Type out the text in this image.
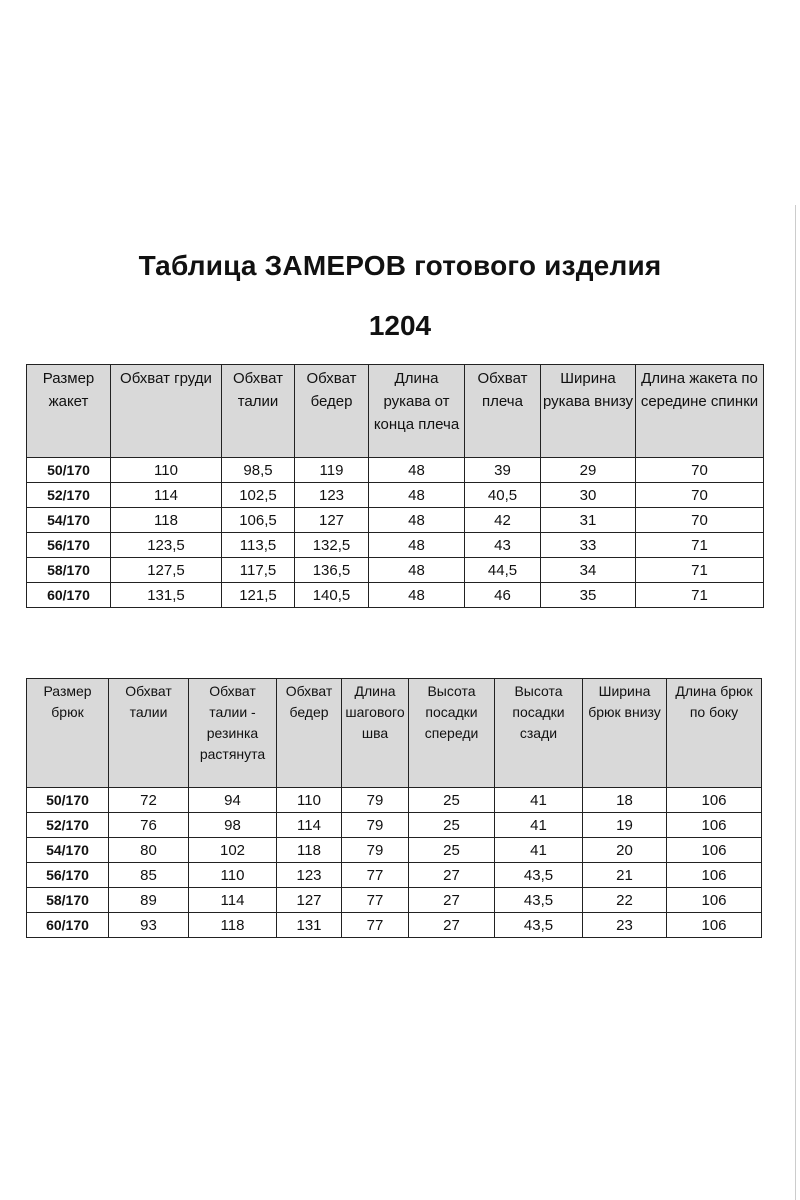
Таблица ЗАМЕРОВ готового изделия
1204
Размер жакет	Обхват груди	Обхват талии	Обхват бедер	Длина рукава от конца плеча	Обхват плеча	Ширина рукава внизу	Длина жакета по середине спинки
50/170	110	98,5	119	48	39	29	70
52/170	114	102,5	123	48	40,5	30	70
54/170	118	106,5	127	48	42	31	70
56/170	123,5	113,5	132,5	48	43	33	71
58/170	127,5	117,5	136,5	48	44,5	34	71
60/170	131,5	121,5	140,5	48	46	35	71
Размер брюк	Обхват талии	Обхват талии - резинка растянута	Обхват бедер	Длина шагового шва	Высота посадки спереди	Высота посадки сзади	Ширина брюк внизу	Длина брюк по боку
50/170	72	94	110	79	25	41	18	106
52/170	76	98	114	79	25	41	19	106
54/170	80	102	118	79	25	41	20	106
56/170	85	110	123	77	27	43,5	21	106
58/170	89	114	127	77	27	43,5	22	106
60/170	93	118	131	77	27	43,5	23	106
